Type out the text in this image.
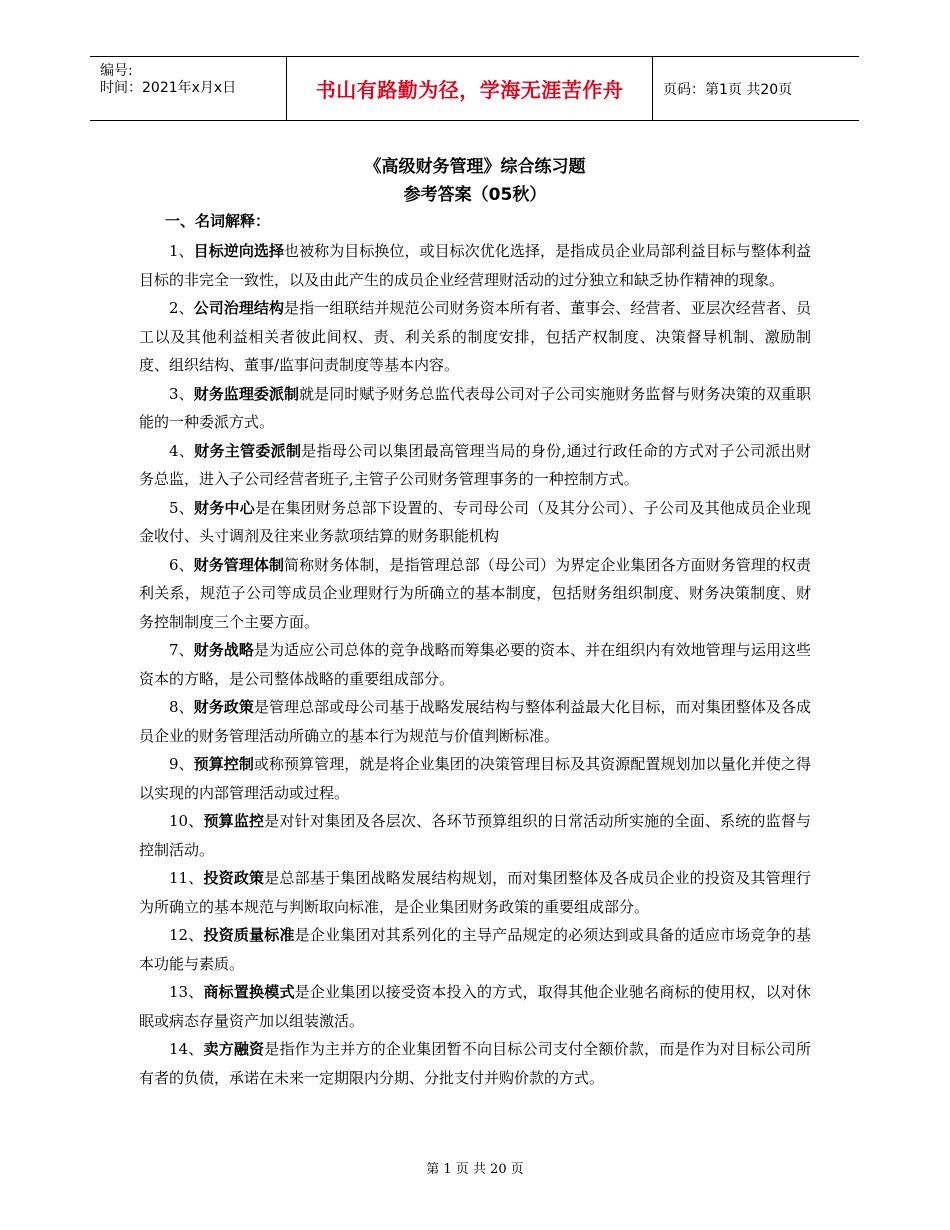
编号:
时间：2021年x月x日	书山有路勤为径，学海无涯苦作舟	页码：第1页 共20页
《高级财务管理》综合练习题
参考答案（05秋）
一、名词解释：

1、目标逆向选择也被称为目标换位，或目标次优化选择，是指成员企业局部利益目标与整体利益目标的非完全一致性，以及由此产生的成员企业经营理财活动的过分独立和缺乏协作精神的现象。

2、公司治理结构是指一组联结并规范公司财务资本所有者、董事会、经营者、亚层次经营者、员工以及其他利益相关者彼此间权、责、利关系的制度安排，包括产权制度、决策督导机制、激励制度、组织结构、董事/监事问责制度等基本内容。

3、财务监理委派制就是同时赋予财务总监代表母公司对子公司实施财务监督与财务决策的双重职能的一种委派方式。

4、财务主管委派制是指母公司以集团最高管理当局的身份,通过行政任命的方式对子公司派出财务总监，进入子公司经营者班子,主管子公司财务管理事务的一种控制方式。

5、财务中心是在集团财务总部下设置的、专司母公司（及其分公司）、子公司及其他成员企业现金收付、头寸调剂及往来业务款项结算的财务职能机构

6、财务管理体制简称财务体制，是指管理总部（母公司）为界定企业集团各方面财务管理的权责利关系，规范子公司等成员企业理财行为所确立的基本制度，包括财务组织制度、财务决策制度、财务控制制度三个主要方面。

7、财务战略是为适应公司总体的竞争战略而筹集必要的资本、并在组织内有效地管理与运用这些资本的方略，是公司整体战略的重要组成部分。

8、财务政策是管理总部或母公司基于战略发展结构与整体利益最大化目标，而对集团整体及各成员企业的财务管理活动所确立的基本行为规范与价值判断标准。

9、预算控制或称预算管理，就是将企业集团的决策管理目标及其资源配置规划加以量化并使之得以实现的内部管理活动或过程。

10、预算监控是对针对集团及各层次、各环节预算组织的日常活动所实施的全面、系统的监督与控制活动。

11、投资政策是总部基于集团战略发展结构规划，而对集团整体及各成员企业的投资及其管理行为所确立的基本规范与判断取向标准，是企业集团财务政策的重要组成部分。

12、投资质量标准是企业集团对其系列化的主导产品规定的必须达到或具备的适应市场竞争的基本功能与素质。

13、商标置换模式是企业集团以接受资本投入的方式，取得其他企业驰名商标的使用权，以对休眠或病态存量资产加以组装激活。

14、卖方融资是指作为主并方的企业集团暂不向目标公司支付全额价款，而是作为对目标公司所有者的负债，承诺在未来一定期限内分期、分批支付并购价款的方式。

第 1 页 共 20 页
